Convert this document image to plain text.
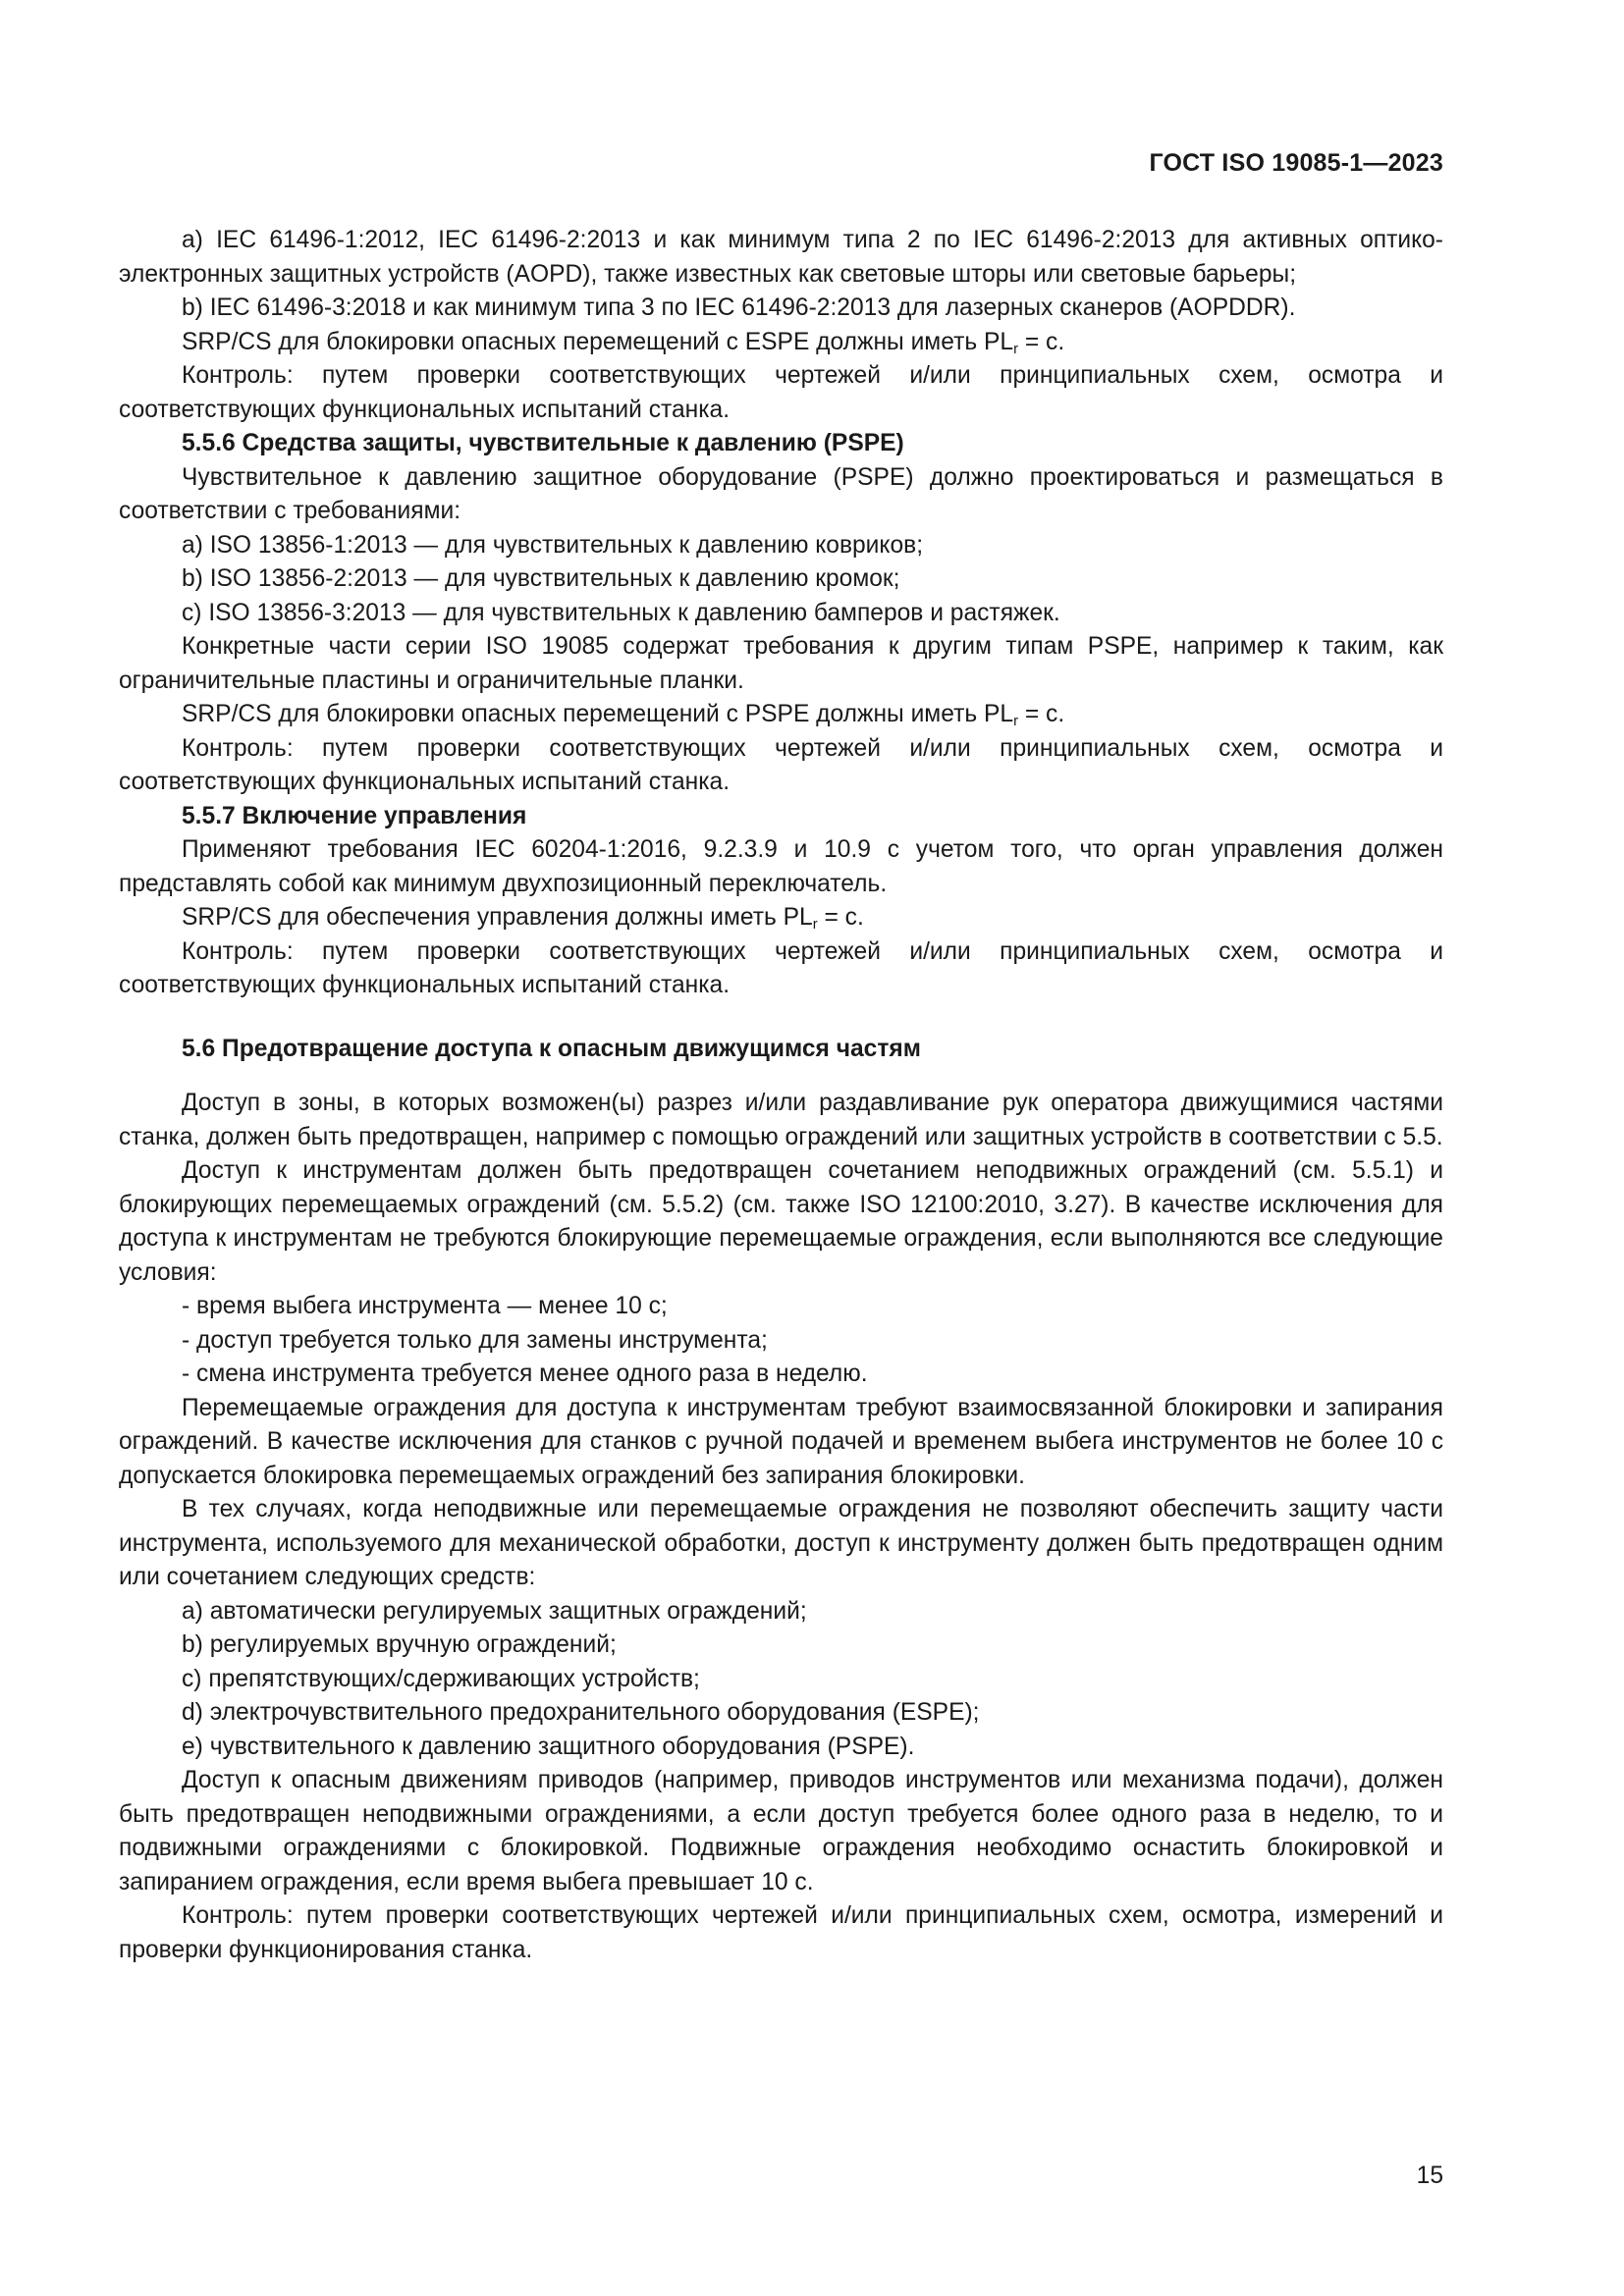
ГОСТ ISO 19085-1—2023

а) IEC 61496-1:2012, IEC 61496-2:2013 и как минимум типа 2 по IEC 61496-2:2013 для активных оптико-электронных защитных устройств (AOPD), также известных как световые шторы или световые барьеры;

b) IEC 61496-3:2018 и как минимум типа 3 по IEC 61496-2:2013 для лазерных сканеров (AOPDDR).

SRP/CS для блокировки опасных перемещений с ESPE должны иметь $PL_r = c$.

Контроль: путем проверки соответствующих чертежей и/или принципиальных схем, осмотра и соответствующих функциональных испытаний станка.

5.5.6 Средства защиты, чувствительные к давлению (PSPE)

Чувствительное к давлению защитное оборудование (PSPE) должно проектироваться и размещаться в соответствии с требованиями:

a) ISO 13856-1:2013 — для чувствительных к давлению ковриков;

b) ISO 13856-2:2013 — для чувствительных к давлению кромок;

c) ISO 13856-3:2013 — для чувствительных к давлению бамперов и растяжек.

Конкретные части серии ISO 19085 содержат требования к другим типам PSPE, например к таким, как ограничительные пластины и ограничительные планки.

SRP/CS для блокировки опасных перемещений с PSPE должны иметь $PL_r = c$.

Контроль: путем проверки соответствующих чертежей и/или принципиальных схем, осмотра и соответствующих функциональных испытаний станка.

5.5.7 Включение управления

Применяют требования IEC 60204-1:2016, 9.2.3.9 и 10.9 с учетом того, что орган управления должен представлять собой как минимум двухпозиционный переключатель.

SRP/CS для обеспечения управления должны иметь $PL_r = c$.

Контроль: путем проверки соответствующих чертежей и/или принципиальных схем, осмотра и соответствующих функциональных испытаний станка.

5.6 Предотвращение доступа к опасным движущимся частям

Доступ в зоны, в которых возможен(ы) разрез и/или раздавливание рук оператора движущимися частями станка, должен быть предотвращен, например с помощью ограждений или защитных устройств в соответствии с 5.5.

Доступ к инструментам должен быть предотвращен сочетанием неподвижных ограждений (см. 5.5.1) и блокирующих перемещаемых ограждений (см. 5.5.2) (см. также ISO 12100:2010, 3.27). В качестве исключения для доступа к инструментам не требуются блокирующие перемещаемые ограждения, если выполняются все следующие условия:

- время выбега инструмента — менее 10 с;

- доступ требуется только для замены инструмента;

- смена инструмента требуется менее одного раза в неделю.

Перемещаемые ограждения для доступа к инструментам требуют взаимосвязанной блокировки и запирания ограждений. В качестве исключения для станков с ручной подачей и временем выбега инструментов не более 10 с допускается блокировка перемещаемых ограждений без запирания блокировки.

В тех случаях, когда неподвижные или перемещаемые ограждения не позволяют обеспечить защиту части инструмента, используемого для механической обработки, доступ к инструменту должен быть предотвращен одним или сочетанием следующих средств:

a) автоматически регулируемых защитных ограждений;

b) регулируемых вручную ограждений;

c) препятствующих/сдерживающих устройств;

d) электрочувствительного предохранительного оборудования (ESPE);

e) чувствительного к давлению защитного оборудования (PSPE).

Доступ к опасным движениям приводов (например, приводов инструментов или механизма подачи), должен быть предотвращен неподвижными ограждениями, а если доступ требуется более одного раза в неделю, то и подвижными ограждениями с блокировкой. Подвижные ограждения необходимо оснастить блокировкой и запиранием ограждения, если время выбега превышает 10 с.

Контроль: путем проверки соответствующих чертежей и/или принципиальных схем, осмотра, измерений и проверки функционирования станка.

15
